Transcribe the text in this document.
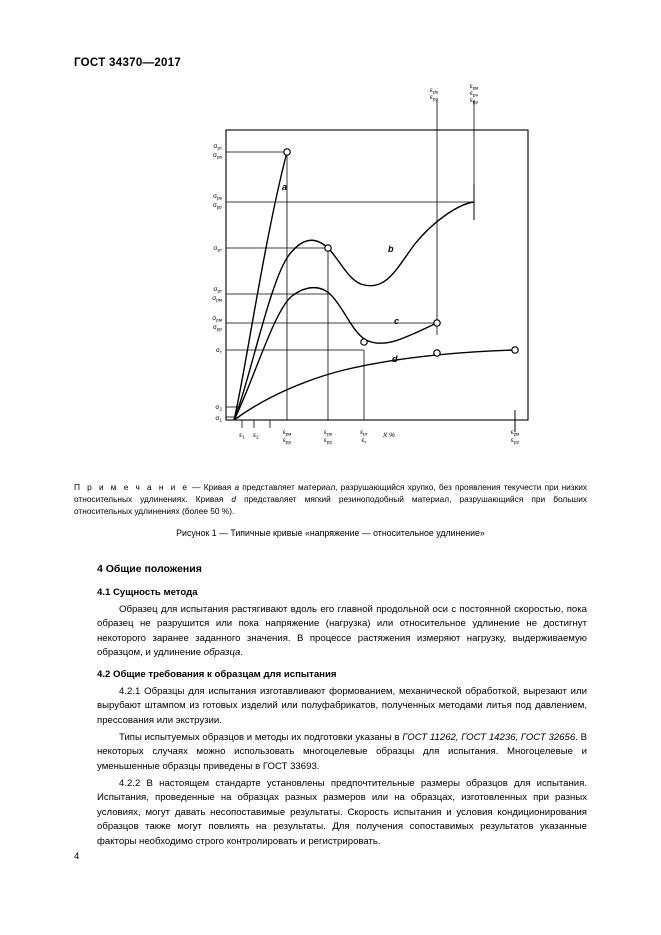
ГОСТ 34370—2017
a
b
c
d
$\sigma_{рт}$
$\sigma_{рв}$
$\sigma_{рв}$
$\sigma_{рр}$
$\sigma_{рт}$
$\sigma_{рт}$
$\sigma_{рм}$
$\sigma_{рм}$
$\sigma_{рр}$
$\sigma_т$
$\sigma_2$
$\sigma_1$
$\varepsilon_1$ $\varepsilon_2$
$\varepsilon_{рм}$
$\varepsilon_{рр}$
$\varepsilon_{рв}$
$\varepsilon_{рр}$
$\varepsilon_{рт}$
$\varepsilon_т$
X %	$\varepsilon_{рм}$
$\varepsilon_{рр}$
$\varepsilon_{рв}$
$\varepsilon_{рр}$
$\varepsilon_{рм}$
$\varepsilon_{рн}$
$\varepsilon_{рр}$
П р и м е ч а н и е — Кривая a представляет материал, разрушающийся хрупко, без проявления текучести при низких относительных удлинениях. Кривая d представляет мягкий резиноподобный материал, разрушающийся при больших относительных удлинениях (более 50 %).
Рисунок 1 — Типичные кривые «напряжение — относительное удлинение»
4 Общие положения
4.1 Сущность метода
Образец для испытания растягивают вдоль его главной продольной оси с постоянной скоростью, пока образец не разрушится или пока напряжение (нагрузка) или относительное удлинение не достигнут некоторого заранее заданного значения. В процессе растяжения измеряют нагрузку, выдерживаемую образцом, и удлинение образца.
4.2 Общие требования к образцам для испытания
4.2.1 Образцы для испытания изготавливают формованием, механической обработкой, вырезают или вырубают штампом из готовых изделий или полуфабрикатов, полученных методами литья под давлением, прессования или экструзии.
Типы испытуемых образцов и методы их подготовки указаны в ГОСТ 11262, ГОСТ 14236, ГОСТ 32656. В некоторых случаях можно использовать многоцелевые образцы для испытания. Многоцелевые и уменьшенные образцы приведены в ГОСТ 33693.
4.2.2 В настоящем стандарте установлены предпочтительные размеры образцов для испытания. Испытания, проведенные на образцах разных размеров или на образцах, изготовленных при разных условиях, могут давать несопоставимые результаты. Скорость испытания и условия кондиционирования образцов также могут повлиять на результаты. Для получения сопоставимых результатов указанные факторы необходимо строго контролировать и регистрировать.
4
